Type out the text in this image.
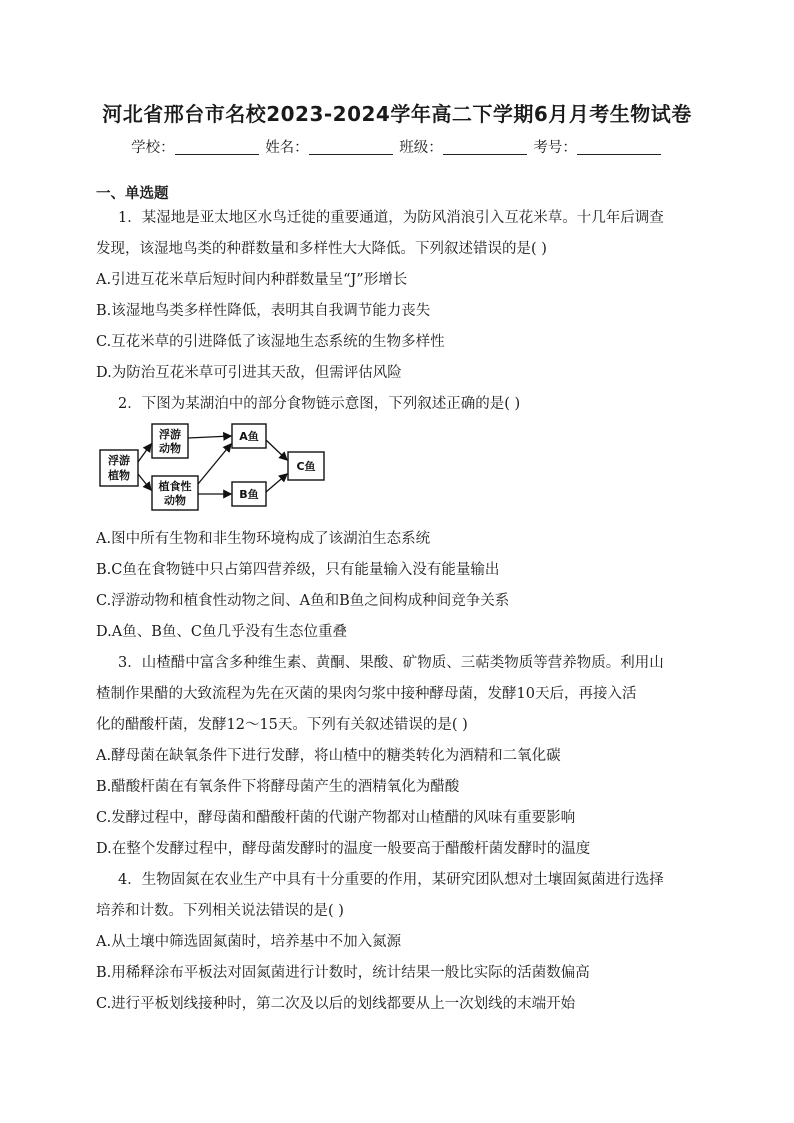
河北省邢台市名校2023-2024学年高二下学期6月月考生物试卷
学校：	姓名：	班级：	考号：
一、单选题
1．某湿地是亚太地区水鸟迁徙的重要通道，为防风消浪引入互花米草。十几年后调查
发现，该湿地鸟类的种群数量和多样性大大降低。下列叙述错误的是( )
A.引进互花米草后短时间内种群数量呈“J”形增长
B.该湿地鸟类多样性降低，表明其自我调节能力丧失
C.互花米草的引进降低了该湿地生态系统的生物多样性
D.为防治互花米草可引进其天敌，但需评估风险
2．下图为某湖泊中的部分食物链示意图，下列叙述正确的是( )
浮游
植物
浮游
动物
植食性
动物
A鱼
B鱼
C鱼
A.图中所有生物和非生物环境构成了该湖泊生态系统
B.C鱼在食物链中只占第四营养级，只有能量输入没有能量输出
C.浮游动物和植食性动物之间、A鱼和B鱼之间构成种间竞争关系
D.A鱼、B鱼、C鱼几乎没有生态位重叠
3．山楂醋中富含多种维生素、黄酮、果酸、矿物质、三萜类物质等营养物质。利用山
楂制作果醋的大致流程为先在灭菌的果肉匀浆中接种酵母菌，发酵10天后，再接入活
化的醋酸杆菌，发酵12～15天。下列有关叙述错误的是( )
A.酵母菌在缺氧条件下进行发酵，将山楂中的糖类转化为酒精和二氧化碳
B.醋酸杆菌在有氧条件下将酵母菌产生的酒精氧化为醋酸
C.发酵过程中，酵母菌和醋酸杆菌的代谢产物都对山楂醋的风味有重要影响
D.在整个发酵过程中，酵母菌发酵时的温度一般要高于醋酸杆菌发酵时的温度
4．生物固氮在农业生产中具有十分重要的作用，某研究团队想对土壤固氮菌进行选择
培养和计数。下列相关说法错误的是( )
A.从土壤中筛选固氮菌时，培养基中不加入氮源
B.用稀释涂布平板法对固氮菌进行计数时，统计结果一般比实际的活菌数偏高
C.进行平板划线接种时，第二次及以后的划线都要从上一次划线的末端开始
